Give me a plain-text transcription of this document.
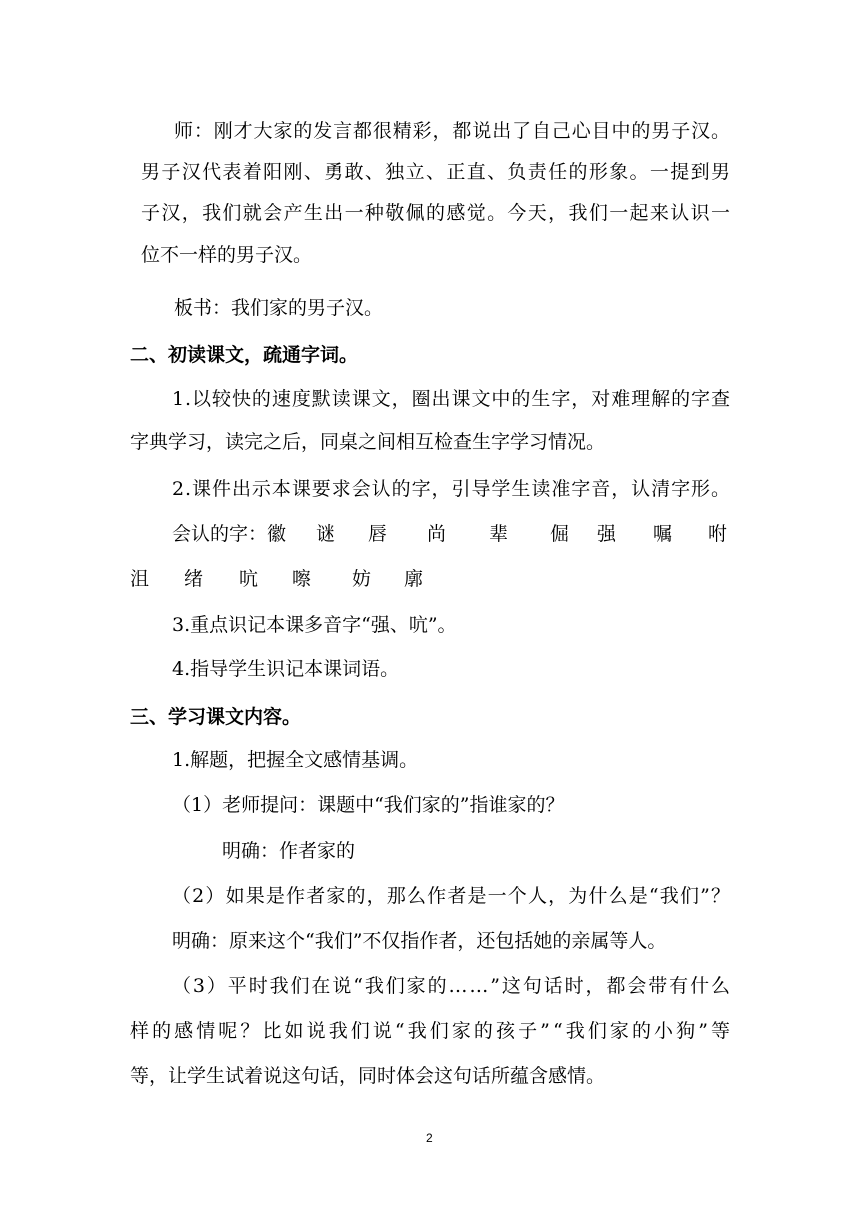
师：刚才大家的发言都很精彩，都说出了自己心目中的男子汉。

男子汉代表着阳刚、勇敢、独立、正直、负责任的形象。一提到男

子汉，我们就会产生出一种敬佩的感觉。今天，我们一起来认识一

位不一样的男子汉。

板书：我们家的男子汉。

二、初读课文，疏通字词。

1.以较快的速度默读课文，圈出课文中的生字，对难理解的字查

字典学习，读完之后，同桌之间相互检查生字学习情况。

2.课件出示本课要求会认的字，引导学生读准字音，认清字形。

会认的字： 徽 谜 唇 尚 辈 倔 强 嘱 咐
沮 绪 吭 嚓 妨 廓

3.重点识记本课多音字“强、吭”。

4.指导学生识记本课词语。

三、学习课文内容。

1.解题，把握全文感情基调。

（1）老师提问：课题中“我们家的”指谁家的？

明确：作者家的

（2）如果是作者家的，那么作者是一个人，为什么是“我们”？

明确：原来这个“我们”不仅指作者，还包括她的亲属等人。

（3）平时我们在说“我们家的……”这句话时，都会带有什么

样的感情呢？比如说我们说“我们家的孩子”“我们家的小狗”等

等，让学生试着说这句话，同时体会这句话所蕴含感情。

2
